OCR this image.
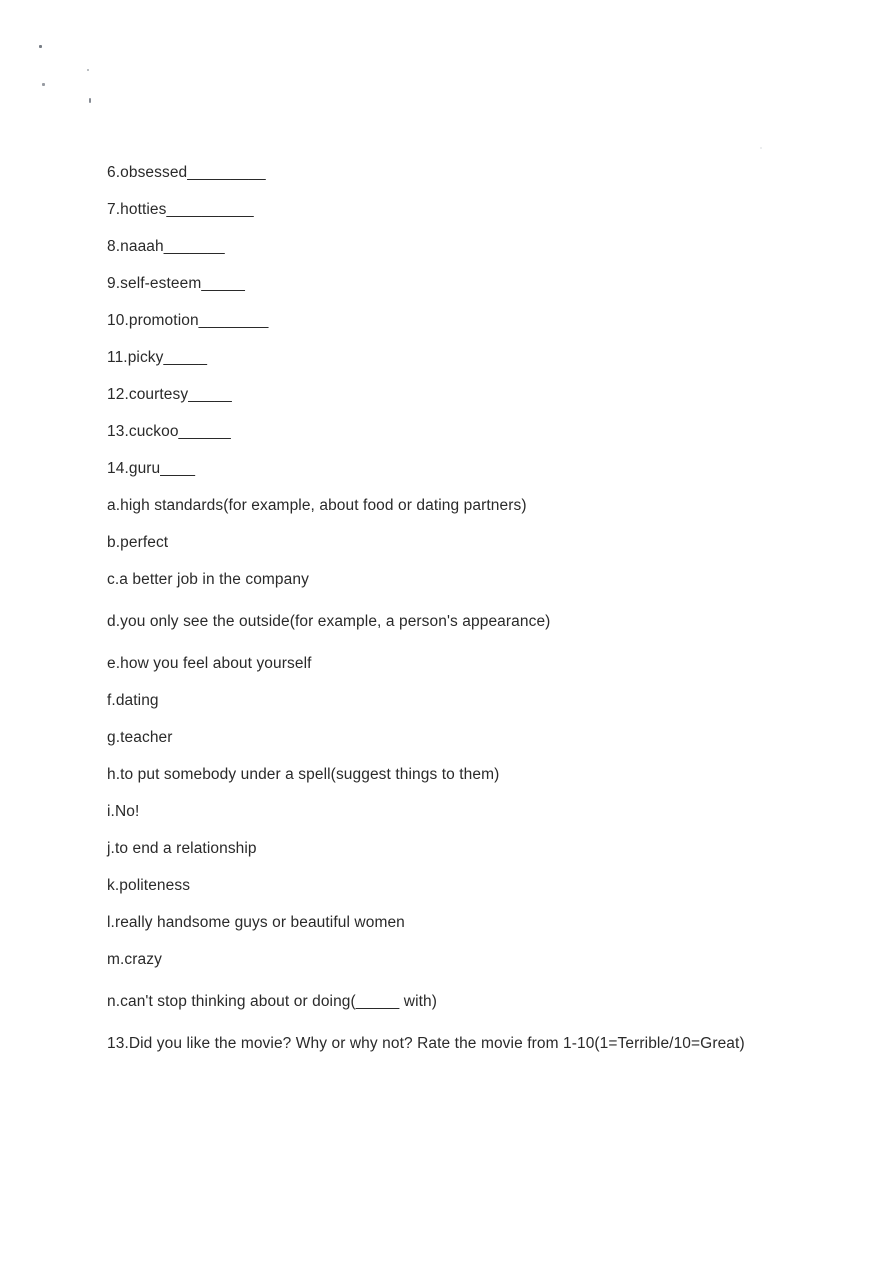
6.obsessed_________
7.hotties__________
8.naaah_______
9.self-esteem_____
10.promotion________
11.picky_____
12.courtesy_____
13.cuckoo______
14.guru____
a.high standards(for example, about food or dating partners)
b.perfect
c.a better job in the company
d.you only see the outside(for example, a person's appearance)
e.how you feel about yourself
f.dating
g.teacher
h.to put somebody under a spell(suggest things to them)
i.No!
j.to end a relationship
k.politeness
l.really handsome guys or beautiful women
m.crazy
n.can't stop thinking about or doing(_____ with)
13.Did you like the movie? Why or why not? Rate the movie from 1-10(1=Terrible/10=Great)
